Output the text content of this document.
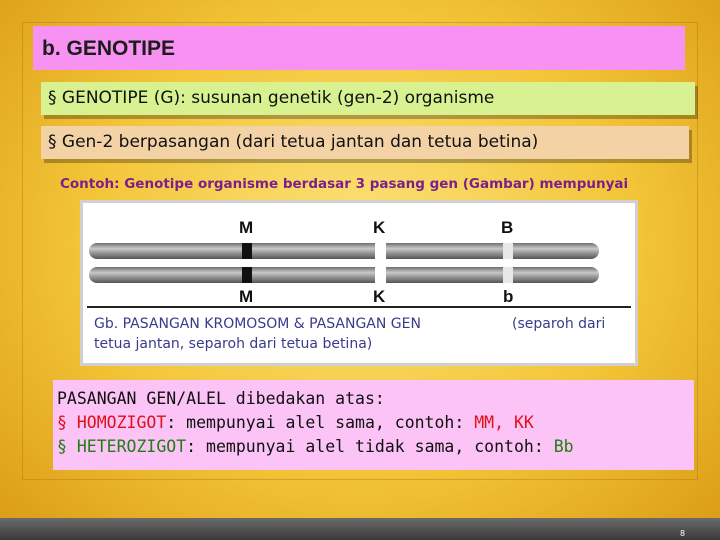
b. GENOTIPE
§ GENOTIPE (G): susunan genetik (gen-2) organisme
§ Gen-2 berpasangan (dari tetua jantan dan tetua betina)
Contoh: Genotipe organisme berdasar 3 pasang gen (Gambar) mempunyai
M	K	B
M	K	b
Gb. PASANGAN KROMOSOM & PASANGAN GEN	(separoh dari
tetua jantan, separoh dari tetua betina)
PASANGAN GEN/ALEL dibedakan atas:
§ HOMOZIGOT: mempunyai alel sama, contoh: MM, KK
§ HETEROZIGOT: mempunyai alel tidak sama, contoh: Bb
8
